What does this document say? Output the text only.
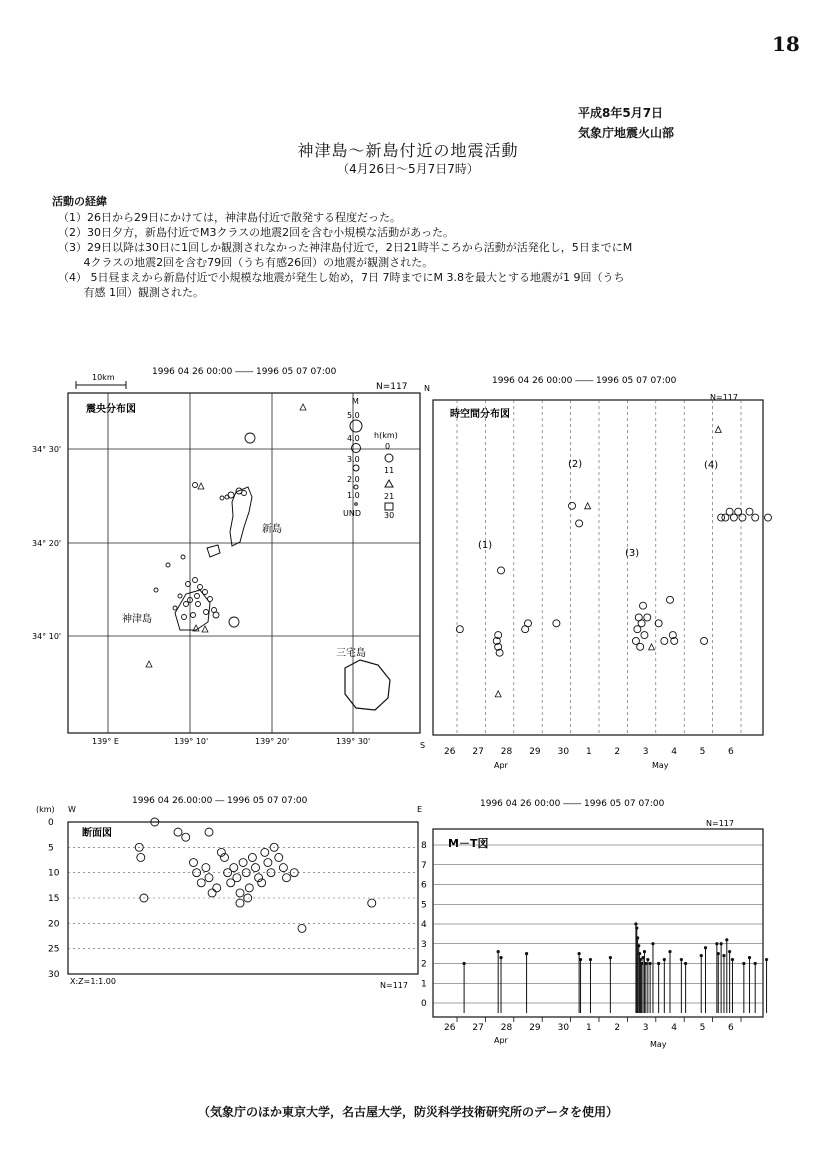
18
平成8年5月7日
気象庁地震火山部
神津島～新島付近の地震活動
（4月26日～5月7日7時）
活動の経緯
（1）26日から29日にかけては，神津島付近で散発する程度だった。
（2）30日夕方，新島付近でM3クラスの地震2回を含む小規模な活動があった。
（3）29日以降は30日に1回しか観測されなかった神津島付近で，2日21時半ころから活動が活発化し，5日までにM
　　 4クラスの地震2回を含む79回（うち有感26回）の地震が観測された。
（4） 5日昼まえから新島付近で小規模な地震が発生し始め，7日 7時までにM 3.8を最大とする地震が1 9回（うち
　　 有感 1回）観測された。
1996 04 26 00:00 ―― 1996 05 07 07:00
N=117
10km
震央分布図
34° 30'
34° 20'
34° 10'
139° E	139° 10'	139° 20'	139° 30'
新島
神津島
三宅島
M
5.0
4.0
3.0
2.0
1.0
UND
h(km)
0
11
21
30
1996 04 26 00:00 ―― 1996 05 07 07:00
N=117
N
S
時空間分布図
(1)
(2)
(3)
(4)
26 27 28 29 30 1	2	3	4	5	6
Apr	May
1996 04 26.00:00 ― 1996 05 07 07:00
(km) W	E
断面図
0
5
10
15
20
25
30
X:Z=1:1.00	N=117
1996 04 26 00:00 ―― 1996 05 07 07:00
N=117
M－T図
0
1
2
3
4
5
6
7
8
26 27 28 29 30 1	2	3	4	5	6
Apr	May
（気象庁のほか東京大学，名古屋大学，防災科学技術研究所のデータを使用）
